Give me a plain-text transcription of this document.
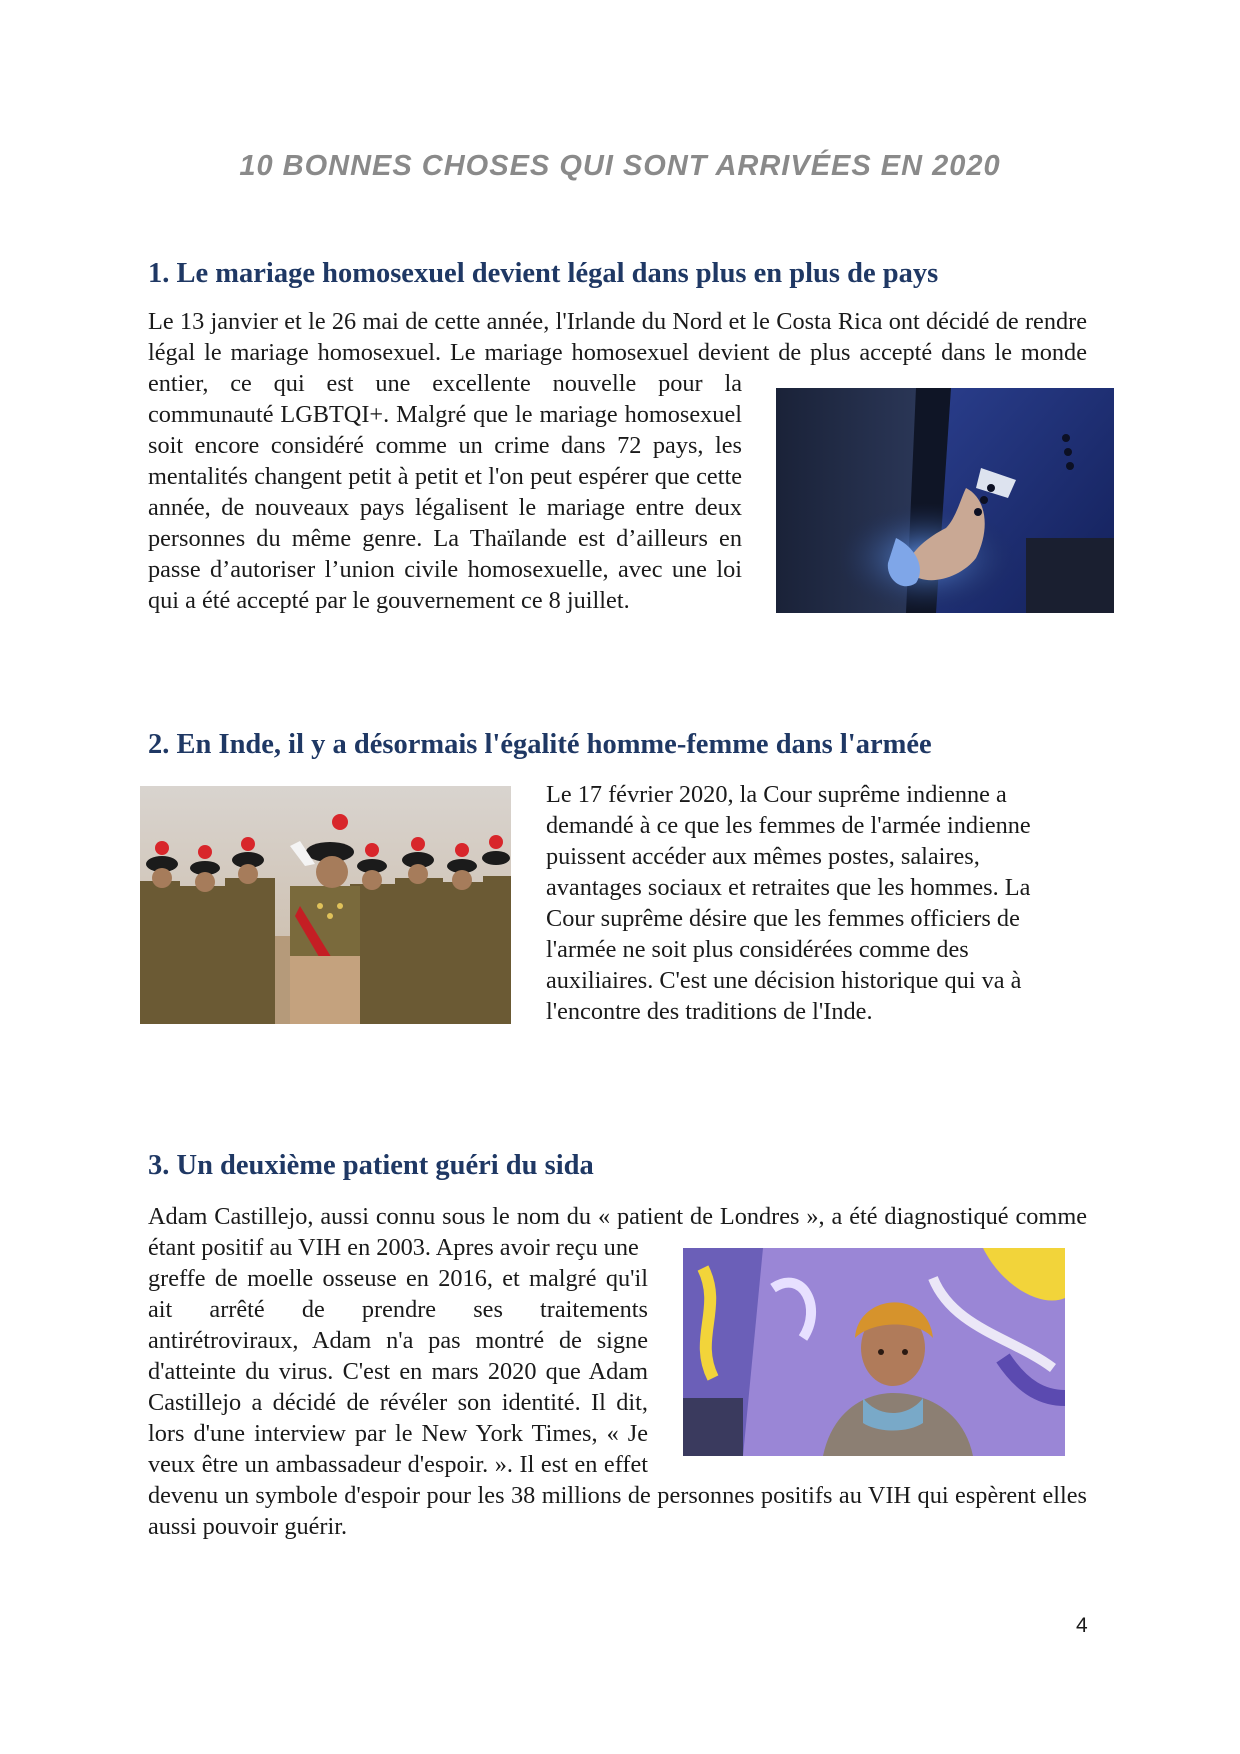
10 BONNES CHOSES QUI SONT ARRIVÉES EN 2020
1. Le mariage homosexuel devient légal dans plus en plus de pays
Le 13 janvier et le 26 mai de cette année, l'Irlande du Nord et le Costa Rica ont décidé de rendre
légal le mariage homosexuel. Le mariage homosexuel devient de plus accepté dans le monde
entier, ce qui est une excellente nouvelle pour la
communauté LGBTQI+. Malgré que le mariage homosexuel
soit encore considéré comme un crime dans 72 pays, les
mentalités changent petit à petit et l'on peut espérer que cette
année, de nouveaux pays légalisent le mariage entre deux
personnes du même genre. La Thaïlande est d’ailleurs en
passe d’autoriser l’union civile homosexuelle, avec une loi
qui a été accepté par le gouvernement ce 8 juillet.
2. En Inde, il y a désormais l'égalité homme-femme dans l'armée
Le 17 février 2020, la Cour suprême indienne a
demandé à ce que les femmes de l'armée indienne
puissent accéder aux mêmes postes, salaires,
avantages sociaux et retraites que les hommes. La
Cour suprême désire que les femmes officiers de
l'armée ne soit plus considérées comme des
auxiliaires. C'est une décision historique qui va à
l'encontre des traditions de l'Inde.
3. Un deuxième patient guéri du sida
Adam Castillejo, aussi connu sous le nom du « patient de Londres », a été diagnostiqué comme
étant positif au VIH en 2003. Apres avoir reçu une
greffe de moelle osseuse en 2016, et malgré qu'il
ait arrêté de prendre ses traitements
antirétroviraux, Adam n'a pas montré de signe
d'atteinte du virus. C'est en mars 2020 que Adam
Castillejo a décidé de révéler son identité. Il dit,
lors d'une interview par le New York Times, « Je
veux être un ambassadeur d'espoir. ». Il est en effet
devenu un symbole d'espoir pour les 38 millions de personnes positifs au VIH qui espèrent elles
aussi pouvoir guérir.
4
